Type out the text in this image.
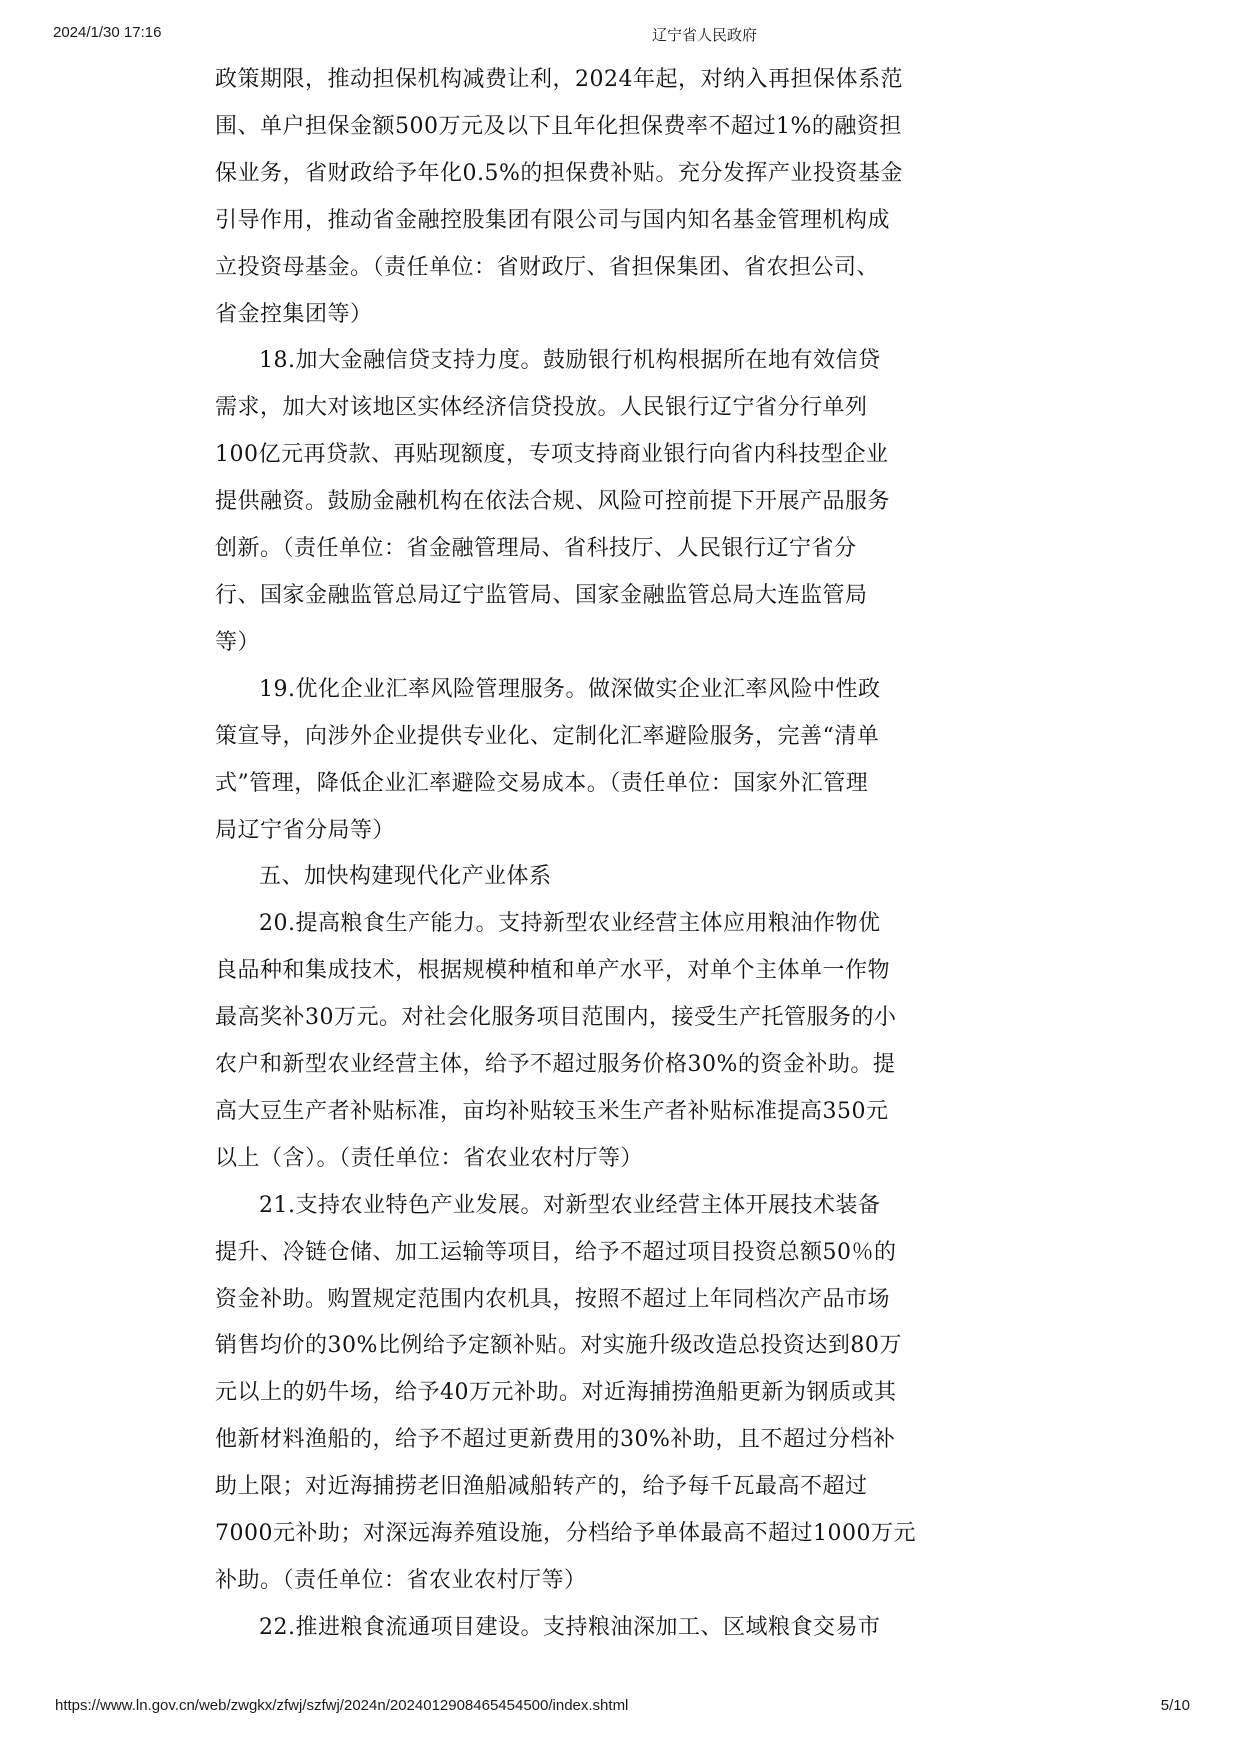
2024/1/30 17:16	辽宁省人民政府
政策期限，推动担保机构减费让利，2024年起，对纳入再担保体系范
围、单户担保金额500万元及以下且年化担保费率不超过1%的融资担
保业务，省财政给予年化0.5%的担保费补贴。充分发挥产业投资基金
引导作用，推动省金融控股集团有限公司与国内知名基金管理机构成
立投资母基金。（责任单位：省财政厅、省担保集团、省农担公司、
省金控集团等）
18.加大金融信贷支持力度。鼓励银行机构根据所在地有效信贷
需求，加大对该地区实体经济信贷投放。人民银行辽宁省分行单列
100亿元再贷款、再贴现额度，专项支持商业银行向省内科技型企业
提供融资。鼓励金融机构在依法合规、风险可控前提下开展产品服务
创新。（责任单位：省金融管理局、省科技厅、人民银行辽宁省分
行、国家金融监管总局辽宁监管局、国家金融监管总局大连监管局
等）
19.优化企业汇率风险管理服务。做深做实企业汇率风险中性政
策宣导，向涉外企业提供专业化、定制化汇率避险服务，完善“清单
式”管理，降低企业汇率避险交易成本。（责任单位：国家外汇管理
局辽宁省分局等）
五、加快构建现代化产业体系
20.提高粮食生产能力。支持新型农业经营主体应用粮油作物优
良品种和集成技术，根据规模种植和单产水平，对单个主体单一作物
最高奖补30万元。对社会化服务项目范围内，接受生产托管服务的小
农户和新型农业经营主体，给予不超过服务价格30%的资金补助。提
高大豆生产者补贴标准，亩均补贴较玉米生产者补贴标准提高350元
以上（含）。（责任单位：省农业农村厅等）
21.支持农业特色产业发展。对新型农业经营主体开展技术装备
提升、冷链仓储、加工运输等项目，给予不超过项目投资总额50％的
资金补助。购置规定范围内农机具，按照不超过上年同档次产品市场
销售均价的30%比例给予定额补贴。对实施升级改造总投资达到80万
元以上的奶牛场，给予40万元补助。对近海捕捞渔船更新为钢质或其
他新材料渔船的，给予不超过更新费用的30%补助，且不超过分档补
助上限；对近海捕捞老旧渔船减船转产的，给予每千瓦最高不超过
7000元补助；对深远海养殖设施，分档给予单体最高不超过1000万元
补助。（责任单位：省农业农村厅等）
22.推进粮食流通项目建设。支持粮油深加工、区域粮食交易市
https://www.ln.gov.cn/web/zwgkx/zfwj/szfwj/2024n/2024012908465454500/index.shtml	5/10
